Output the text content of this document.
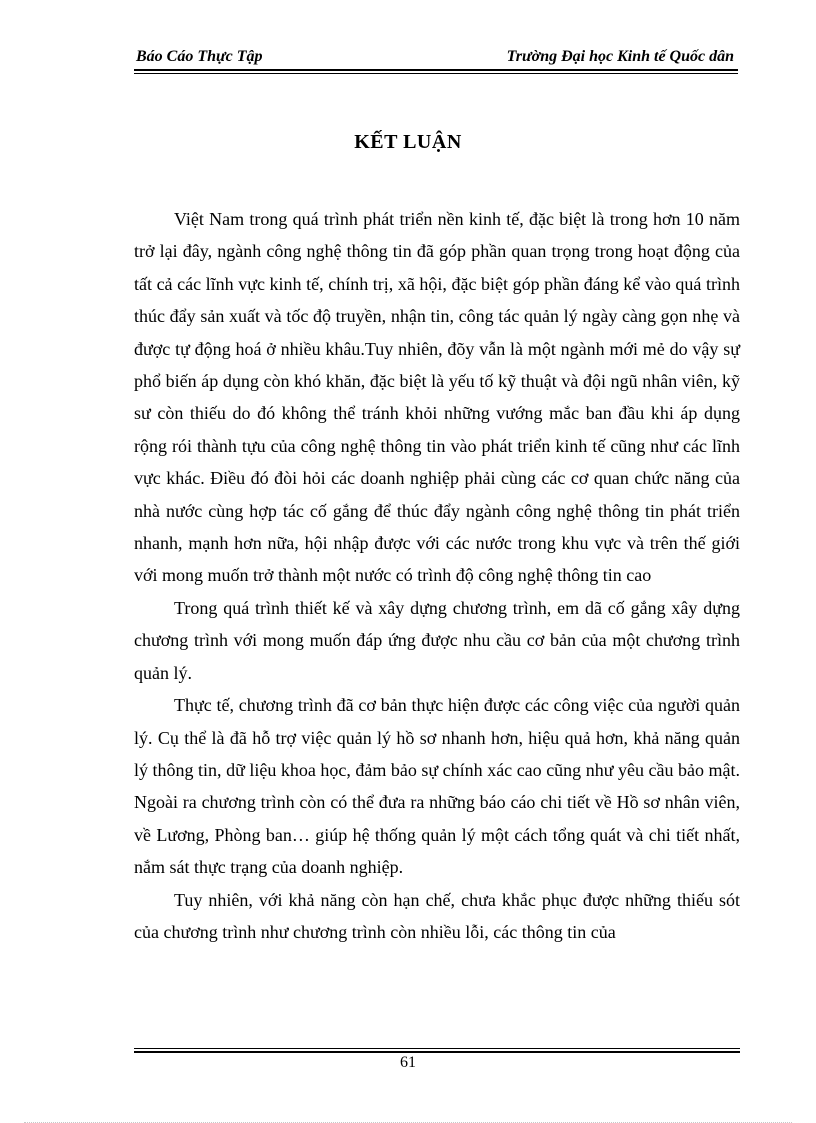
Báo Cáo Thực Tập	Trường Đại học Kinh tế Quốc dân
KẾT LUẬN

Việt Nam trong quá trình phát triển nền kinh tế, đặc biệt là trong hơn 10 năm trở lại đây, ngành công nghệ thông tin đã góp phần quan trọng trong hoạt động của tất cả các lĩnh vực kinh tế, chính trị, xã hội, đặc biệt góp phần đáng kể vào quá trình thúc đẩy sản xuất và tốc độ truyền, nhận tin, công tác quản lý ngày càng gọn nhẹ và được tự động hoá ở nhiều khâu.Tuy nhiên, đõy vẫn là một ngành mới mẻ do vậy sự phổ biến áp dụng còn khó khăn, đặc biệt là yếu tố kỹ thuật và đội ngũ nhân viên, kỹ sư còn thiếu do đó không thể tránh khỏi những vướng mắc ban đầu khi áp dụng rộng rói thành tựu của công nghệ thông tin vào phát triển kinh tế cũng như các lĩnh vực khác. Điều đó đòi hỏi các doanh nghiệp phải cùng các cơ quan chức năng của nhà nước cùng hợp tác cố gắng để thúc đẩy ngành công nghệ thông tin phát triển nhanh, mạnh hơn nữa, hội nhập được với các nước trong khu vực và trên thế giới với mong muốn trở thành một nước có trình độ công nghệ thông tin cao

Trong quá trình thiết kế và xây dựng chương trình, em dã cố gắng xây dựng chương trình với mong muốn đáp ứng được nhu cầu cơ bản của một chương trình quản lý.

Thực tế, chương trình đã cơ bản thực hiện được các công việc của người quản lý. Cụ thể là đã hỗ trợ việc quản lý hồ sơ nhanh hơn, hiệu quả hơn, khả năng quản lý thông tin, dữ liệu khoa học, đảm bảo sự chính xác cao cũng như yêu cầu bảo mật. Ngoài ra chương trình còn có thể đưa ra những báo cáo chi tiết về Hồ sơ nhân viên, về Lương, Phòng ban… giúp hệ thống quản lý một cách tổng quát và chi tiết nhất, nắm sát thực trạng của doanh nghiệp.

Tuy nhiên, với khả năng còn hạn chế, chưa khắc phục được những thiếu sót của chương trình như chương trình còn nhiều lỗi, các thông tin của

61
